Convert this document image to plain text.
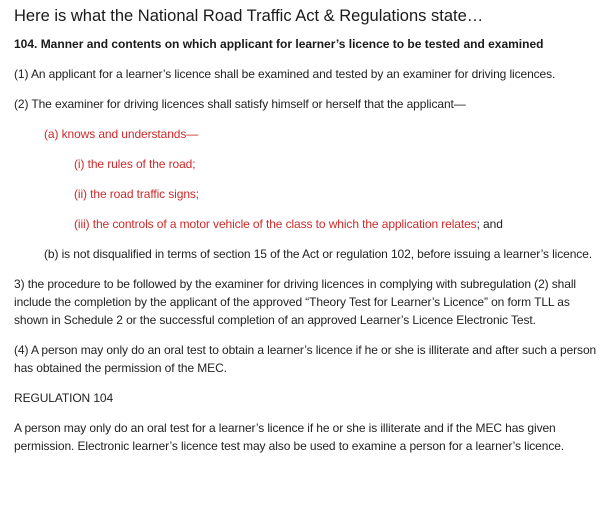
Here is what the National Road Traffic Act & Regulations state…
104. Manner and contents on which applicant for learner’s licence to be tested and examined

(1) An applicant for a learner’s licence shall be examined and tested by an examiner for driving licences.

(2) The examiner for driving licences shall satisfy himself or herself that the applicant—

(a) knows and understands—

(i) the rules of the road;

(ii) the road traffic signs;

(iii) the controls of a motor vehicle of the class to which the application relates; and

(b) is not disqualified in terms of section 15 of the Act or regulation 102, before issuing a learner’s licence.

3) the procedure to be followed by the examiner for driving licences in complying with subregulation (2) shall include the completion by the applicant of the approved “Theory Test for Learner’s Licence” on form TLL as shown in Schedule 2 or the successful completion of an approved Learner’s Licence Electronic Test.

(4) A person may only do an oral test to obtain a learner’s licence if he or she is illiterate and after such a person has obtained the permission of the MEC.

REGULATION 104

A person may only do an oral test for a learner’s licence if he or she is illiterate and if the MEC has given permission. Electronic learner’s licence test may also be used to examine a person for a learner’s licence.
